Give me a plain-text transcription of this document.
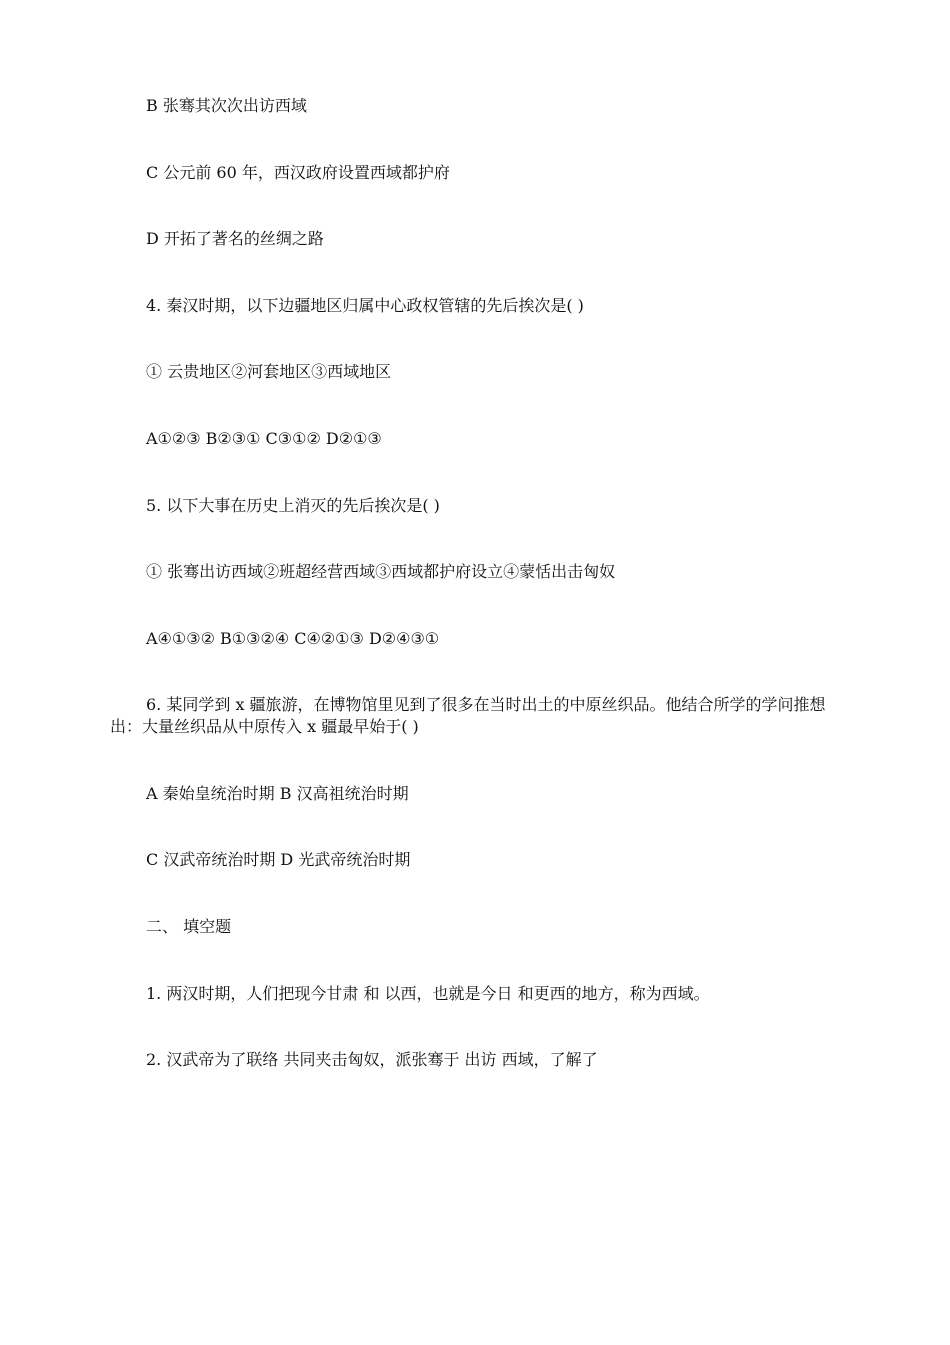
B 张骞其次次出访西域
C 公元前 60 年，西汉政府设置西域都护府
D 开拓了著名的丝绸之路
4. 秦汉时期，以下边疆地区归属中心政权管辖的先后挨次是( )
① 云贵地区②河套地区③西域地区
A①②③ B②③① C③①② D②①③
5. 以下大事在历史上消灭的先后挨次是( )
① 张骞出访西域②班超经营西域③西域都护府设立④蒙恬出击匈奴
A④①③② B①③②④ C④②①③ D②④③①
6. 某同学到 x 疆旅游，在博物馆里见到了很多在当时出土的中原丝织品。他结合所学的学问推想出：大量丝织品从中原传入 x 疆最早始于( )
A 秦始皇统治时期 B 汉高祖统治时期
C 汉武帝统治时期 D 光武帝统治时期
二、 填空题
1. 两汉时期，人们把现今甘肃 和 以西，也就是今日 和更西的地方，称为西域。
2. 汉武帝为了联络 共同夹击匈奴，派张骞于 出访 西域，了解了
